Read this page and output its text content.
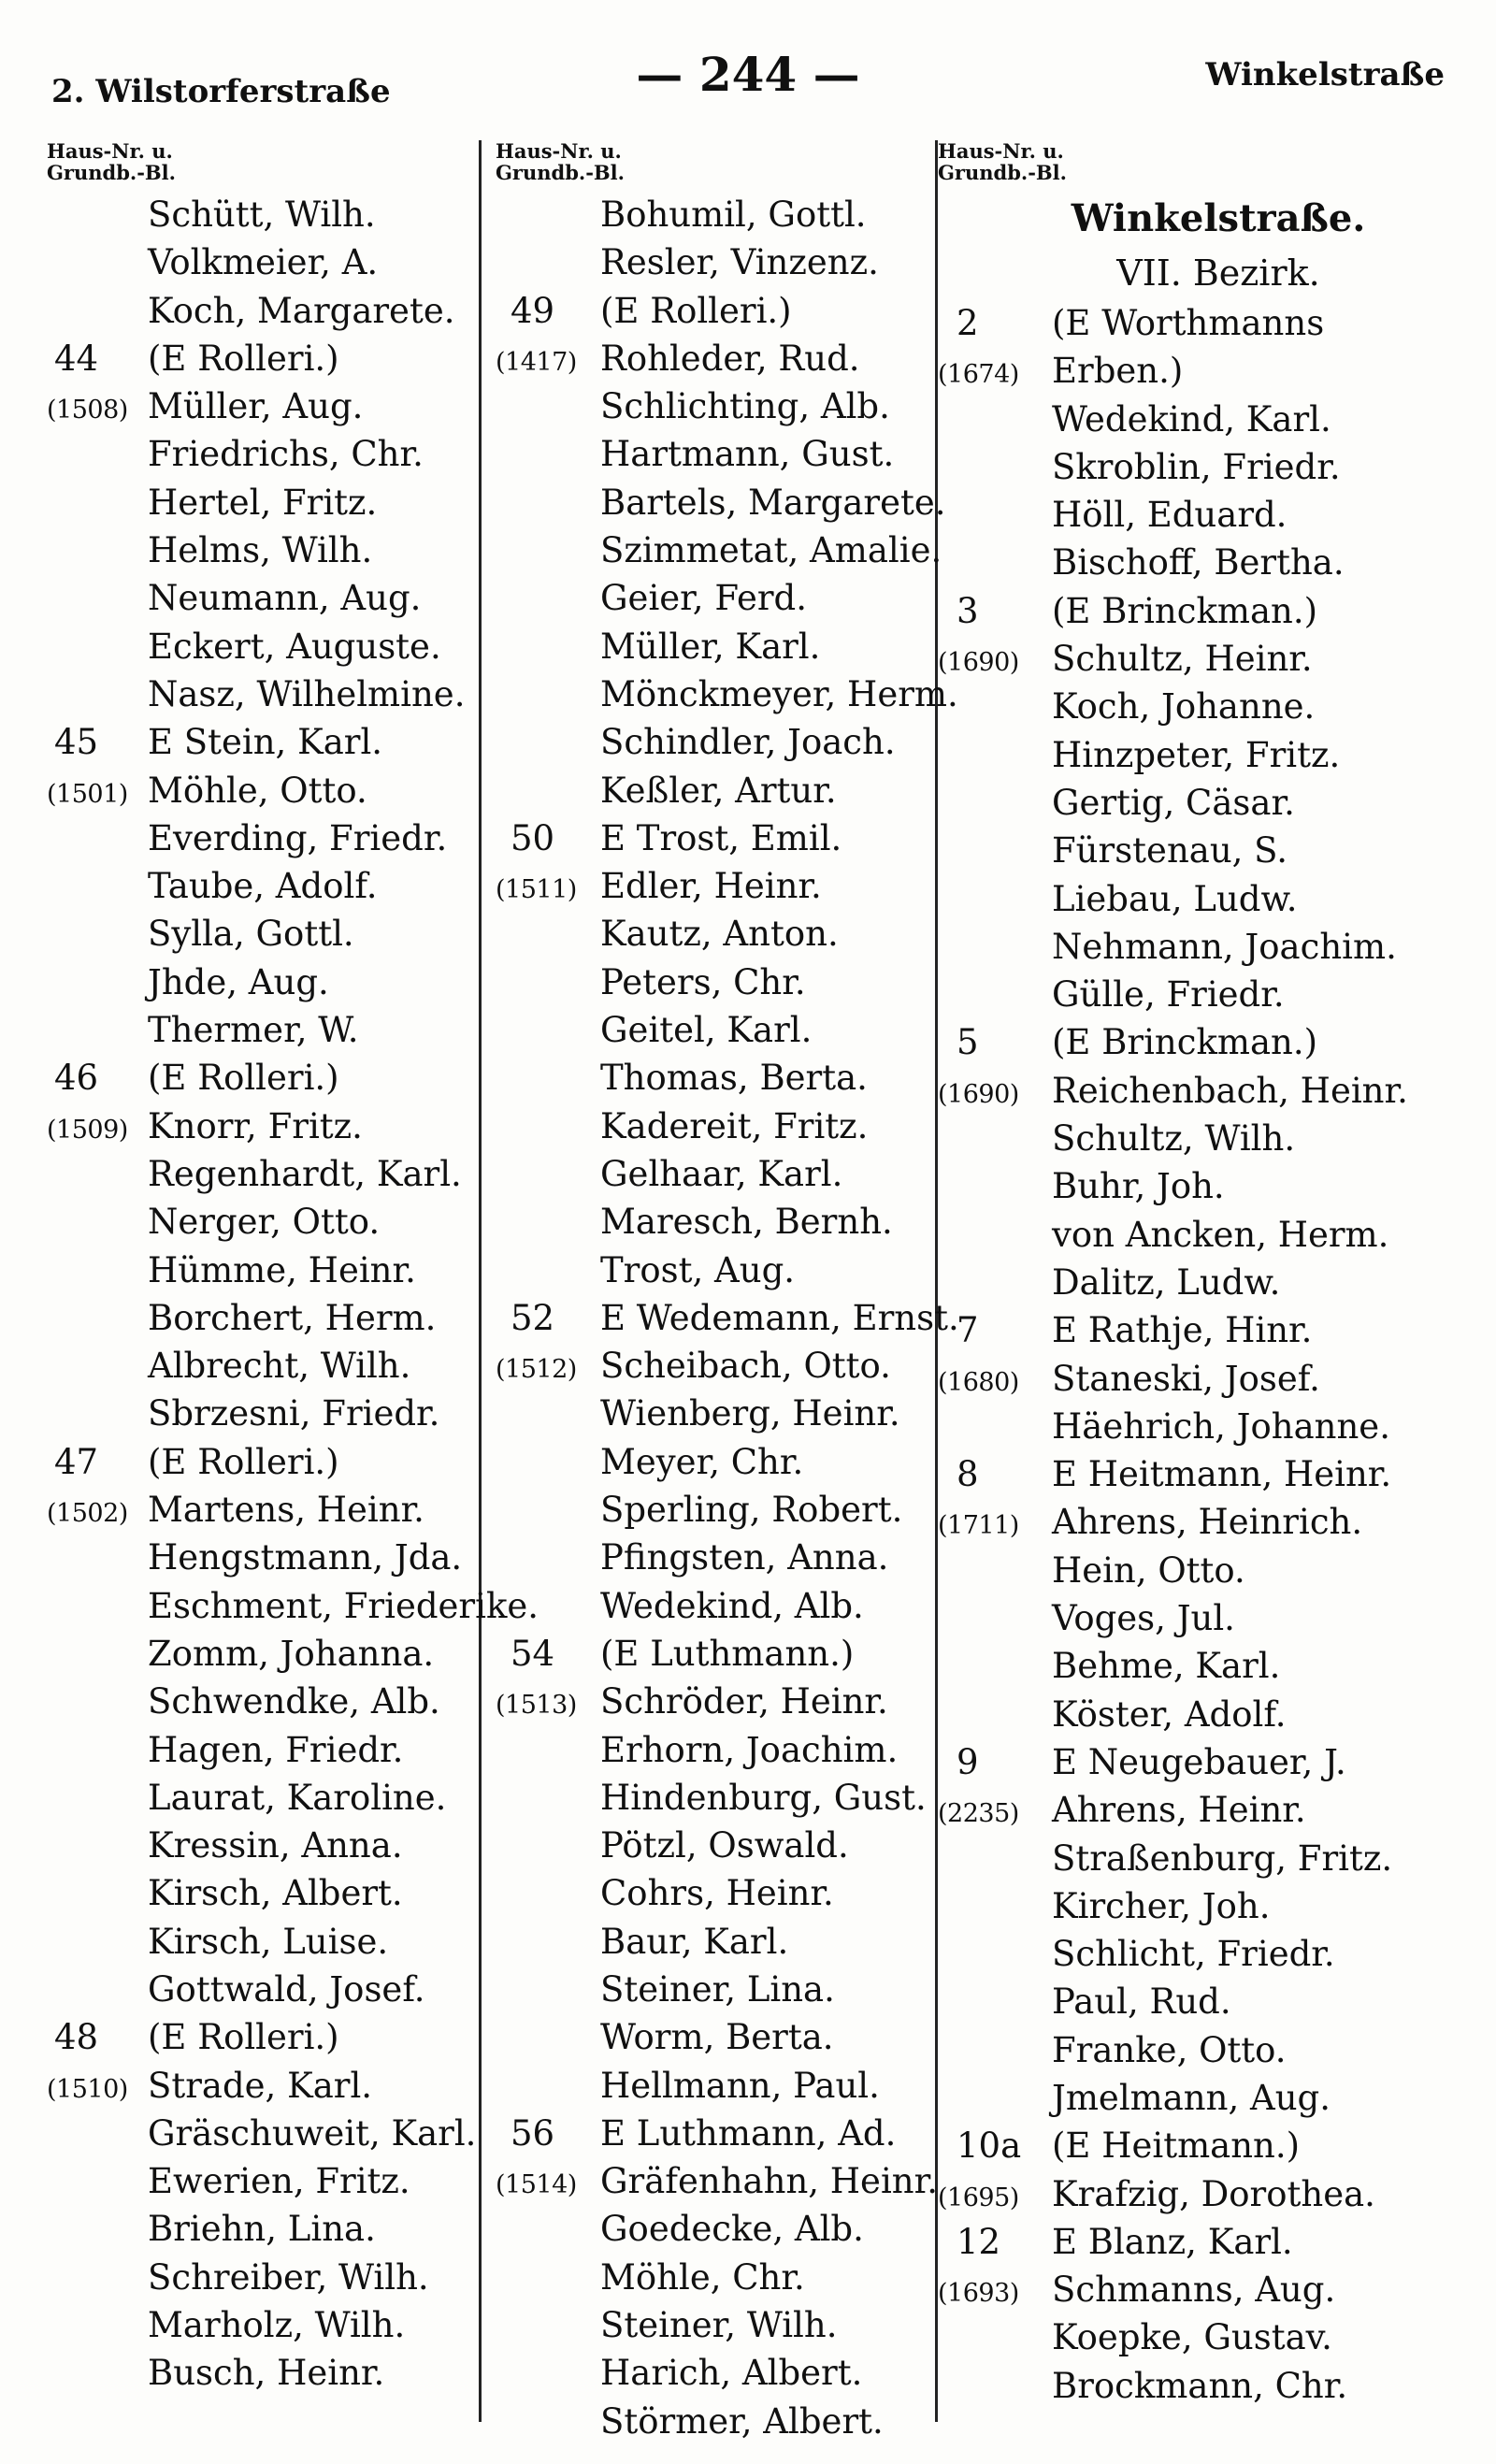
2. Wilstorferstraße	— 244 —	Winkelstraße
Haus-Nr. u.
Grundb.-Bl.
Schütt, Wilh.
Volkmeier, A.
Koch, Margarete.
44 (E Rolleri.)
(1508) Müller, Aug.
Friedrichs, Chr.
Hertel, Fritz.
Helms, Wilh.
Neumann, Aug.
Eckert, Auguste.
Nasz, Wilhelmine.
45 E Stein, Karl.
(1501) Möhle, Otto.
Everding, Friedr.
Taube, Adolf.
Sylla, Gottl.
Jhde, Aug.
Thermer, W.
46 (E Rolleri.)
(1509) Knorr, Fritz.
Regenhardt, Karl.
Nerger, Otto.
Hümme, Heinr.
Borchert, Herm.
Albrecht, Wilh.
Sbrzesni, Friedr.
47 (E Rolleri.)
(1502) Martens, Heinr.
Hengstmann, Jda.
Eschment, Friederike.
Zomm, Johanna.
Schwendke, Alb.
Hagen, Friedr.
Laurat, Karoline.
Kressin, Anna.
Kirsch, Albert.
Kirsch, Luise.
Gottwald, Josef.
48 (E Rolleri.)
(1510) Strade, Karl.
Gräschuweit, Karl.
Ewerien, Fritz.
Briehn, Lina.
Schreiber, Wilh.
Marholz, Wilh.
Busch, Heinr.
Haus-Nr. u.
Grundb.-Bl.
Bohumil, Gottl.
Resler, Vinzenz.
49 (E Rolleri.)
(1417) Rohleder, Rud.
Schlichting, Alb.
Hartmann, Gust.
Bartels, Margarete.
Szimmetat, Amalie.
Geier, Ferd.
Müller, Karl.
Mönckmeyer, Herm.
Schindler, Joach.
Keßler, Artur.
50 E Trost, Emil.
(1511) Edler, Heinr.
Kautz, Anton.
Peters, Chr.
Geitel, Karl.
Thomas, Berta.
Kadereit, Fritz.
Gelhaar, Karl.
Maresch, Bernh.
Trost, Aug.
52 E Wedemann, Ernst.
(1512) Scheibach, Otto.
Wienberg, Heinr.
Meyer, Chr.
Sperling, Robert.
Pfingsten, Anna.
Wedekind, Alb.
54 (E Luthmann.)
(1513) Schröder, Heinr.
Erhorn, Joachim.
Hindenburg, Gust.
Pötzl, Oswald.
Cohrs, Heinr.
Baur, Karl.
Steiner, Lina.
Worm, Berta.
Hellmann, Paul.
56 E Luthmann, Ad.
(1514) Gräfenhahn, Heinr.
Goedecke, Alb.
Möhle, Chr.
Steiner, Wilh.
Harich, Albert.
Störmer, Albert.
Haus-Nr. u.
Grundb.-Bl.
Winkelstraße.
VII. Bezirk.
2 (E Worthmanns
(1674) Erben.)
Wedekind, Karl.
Skroblin, Friedr.
Höll, Eduard.
Bischoff, Bertha.
3 (E Brinckman.)
(1690) Schultz, Heinr.
Koch, Johanne.
Hinzpeter, Fritz.
Gertig, Cäsar.
Fürstenau, S.
Liebau, Ludw.
Nehmann, Joachim.
Gülle, Friedr.
5 (E Brinckman.)
(1690) Reichenbach, Heinr.
Schultz, Wilh.
Buhr, Joh.
von Ancken, Herm.
Dalitz, Ludw.
7 E Rathje, Hinr.
(1680) Staneski, Josef.
Häehrich, Johanne.
8 E Heitmann, Heinr.
(1711) Ahrens, Heinrich.
Hein, Otto.
Voges, Jul.
Behme, Karl.
Köster, Adolf.
9 E Neugebauer, J.
(2235) Ahrens, Heinr.
Straßenburg, Fritz.
Kircher, Joh.
Schlicht, Friedr.
Paul, Rud.
Franke, Otto.
Jmelmann, Aug.
10a (E Heitmann.)
(1695) Krafzig, Dorothea.
12 E Blanz, Karl.
(1693) Schmanns, Aug.
Koepke, Gustav.
Brockmann, Chr.
